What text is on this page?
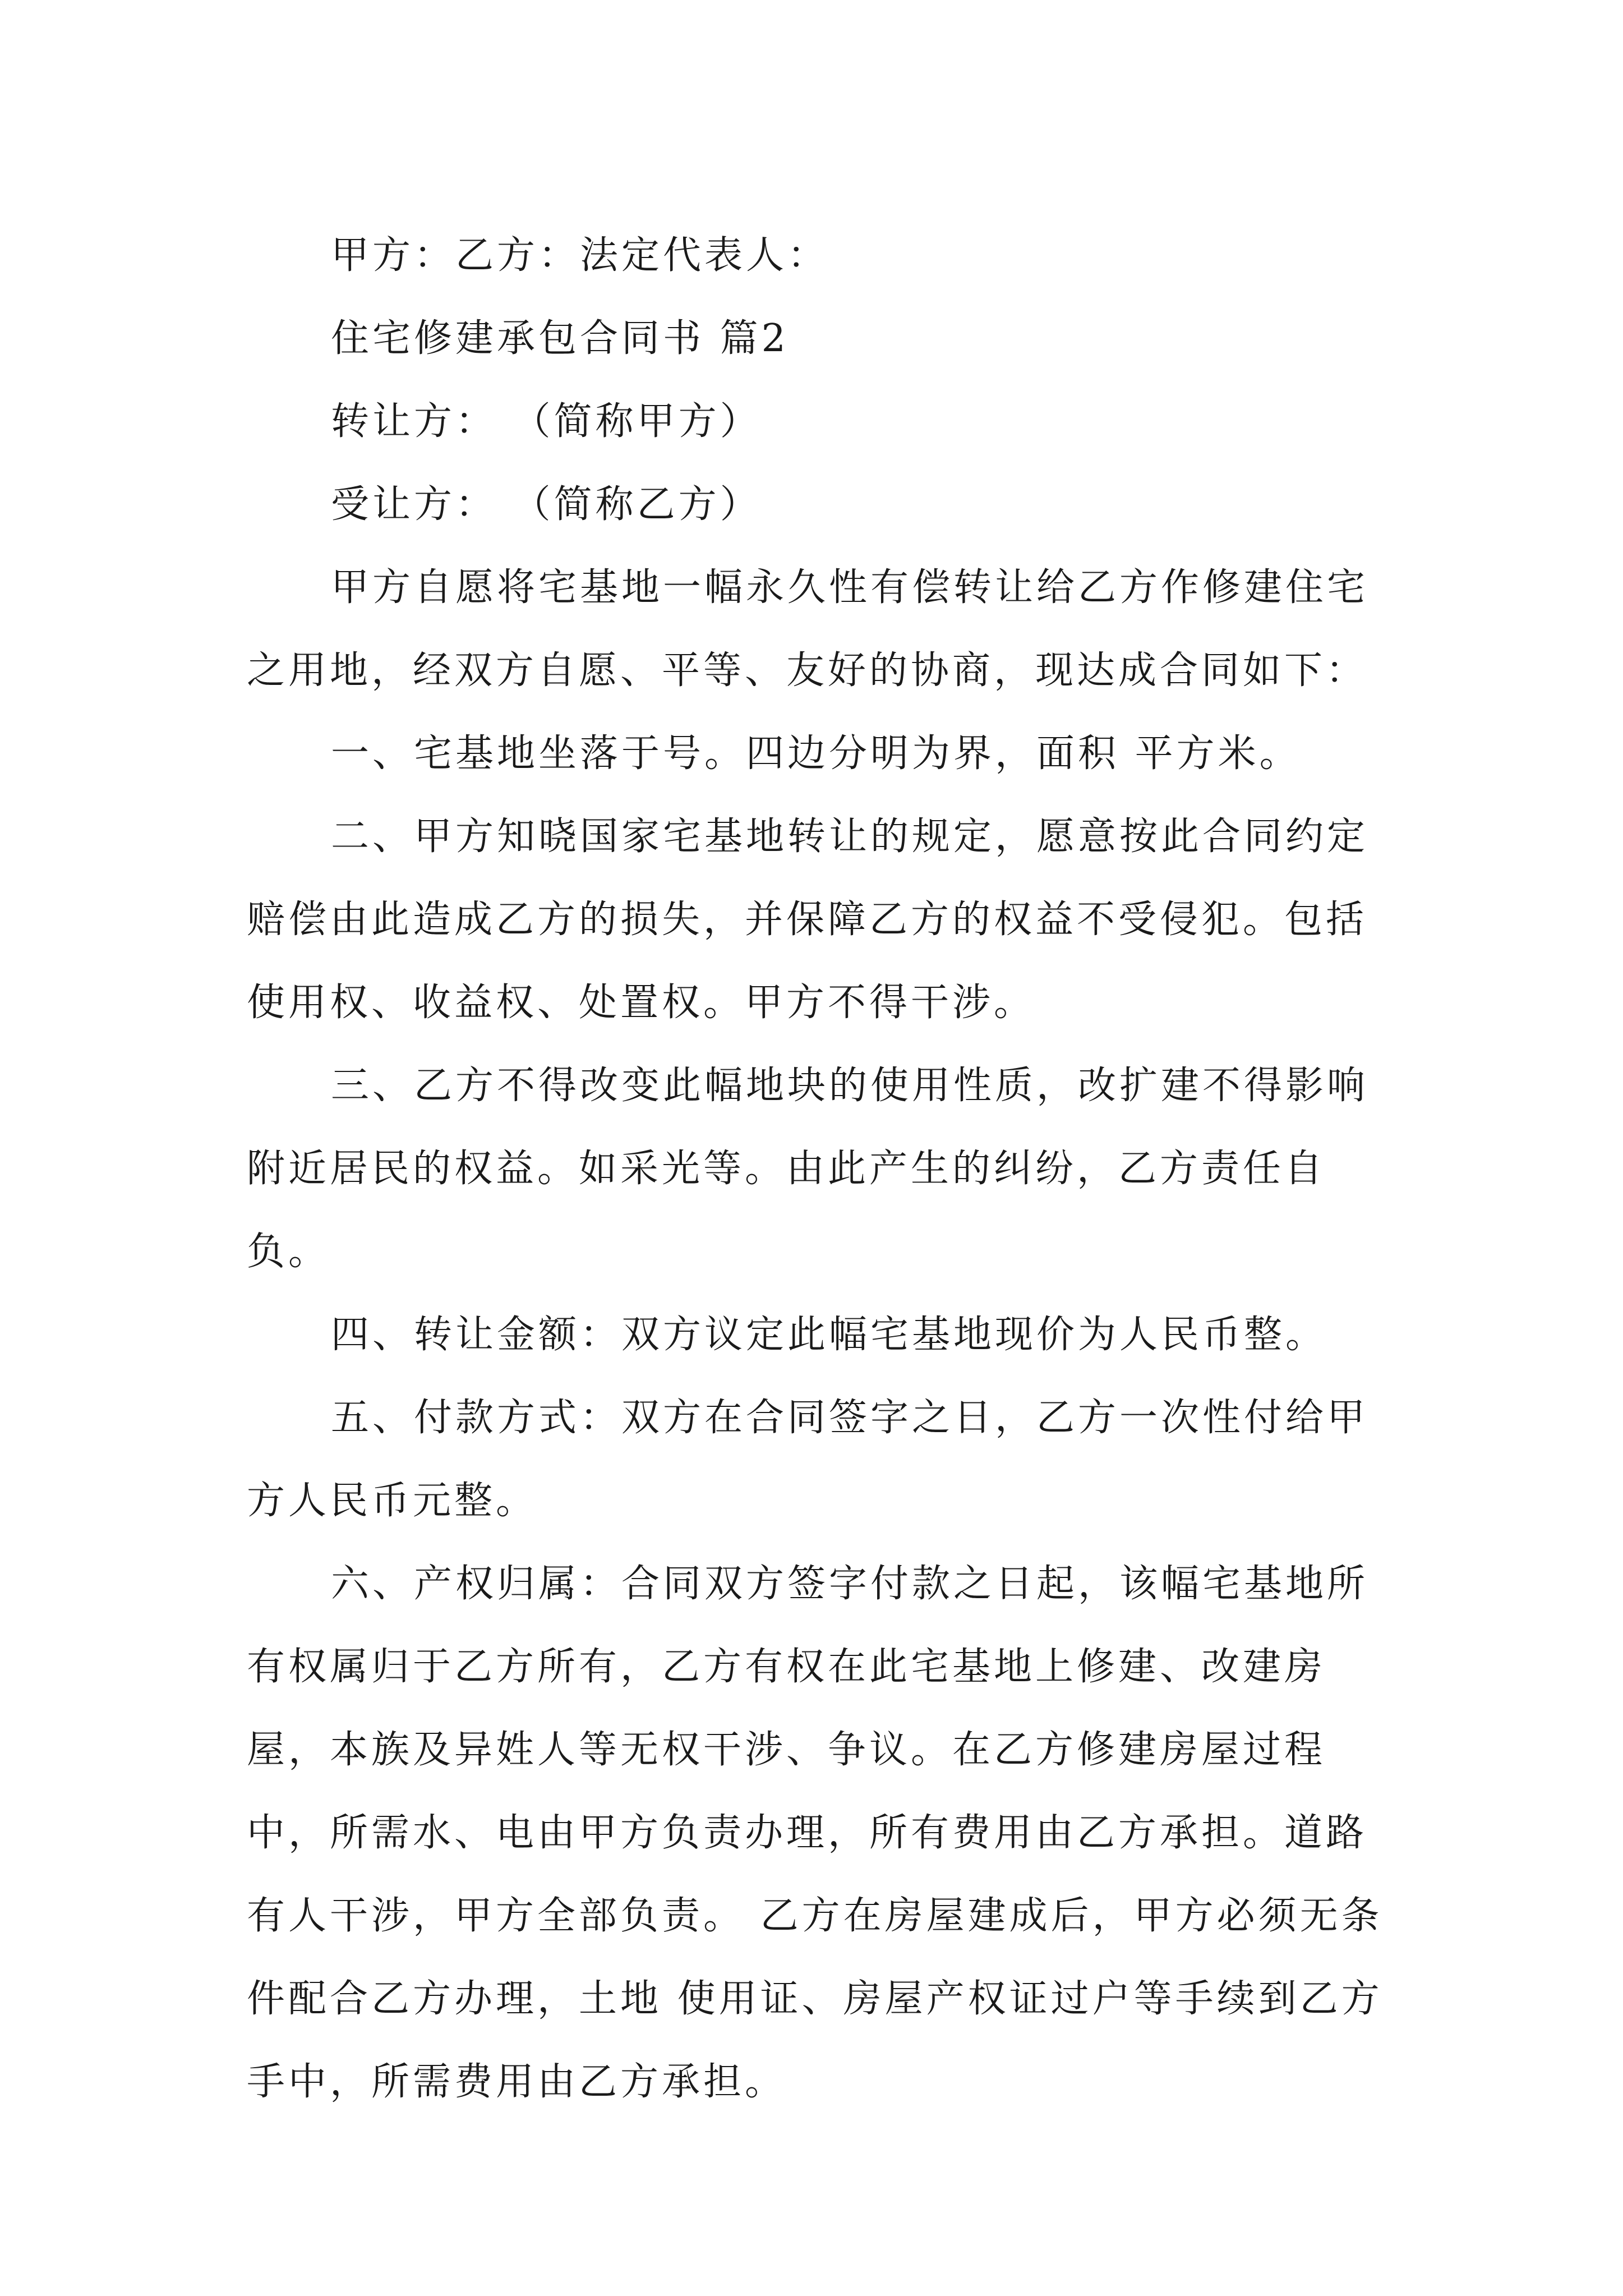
甲方：乙方：法定代表人：

住宅修建承包合同书 篇2

转让方： （简称甲方）

受让方： （简称乙方）

甲方自愿将宅基地一幅永久性有偿转让给乙方作修建住宅之用地，经双方自愿、平等、友好的协商，现达成合同如下：

一、宅基地坐落于号。四边分明为界，面积 平方米。

二、甲方知晓国家宅基地转让的规定，愿意按此合同约定赔偿由此造成乙方的损失，并保障乙方的权益不受侵犯。包括使用权、收益权、处置权。甲方不得干涉。

三、乙方不得改变此幅地块的使用性质，改扩建不得影响附近居民的权益。如采光等。由此产生的纠纷，乙方责任自负。

四、转让金额：双方议定此幅宅基地现价为人民币整。

五、付款方式：双方在合同签字之日，乙方一次性付给甲方人民币元整。

六、产权归属：合同双方签字付款之日起，该幅宅基地所有权属归于乙方所有，乙方有权在此宅基地上修建、改建房屋，本族及异姓人等无权干涉、争议。在乙方修建房屋过程中，所需水、电由甲方负责办理，所有费用由乙方承担。道路有人干涉，甲方全部负责。 乙方在房屋建成后，甲方必须无条件配合乙方办理，土地 使用证、房屋产权证过户等手续到乙方手中，所需费用由乙方承担。
